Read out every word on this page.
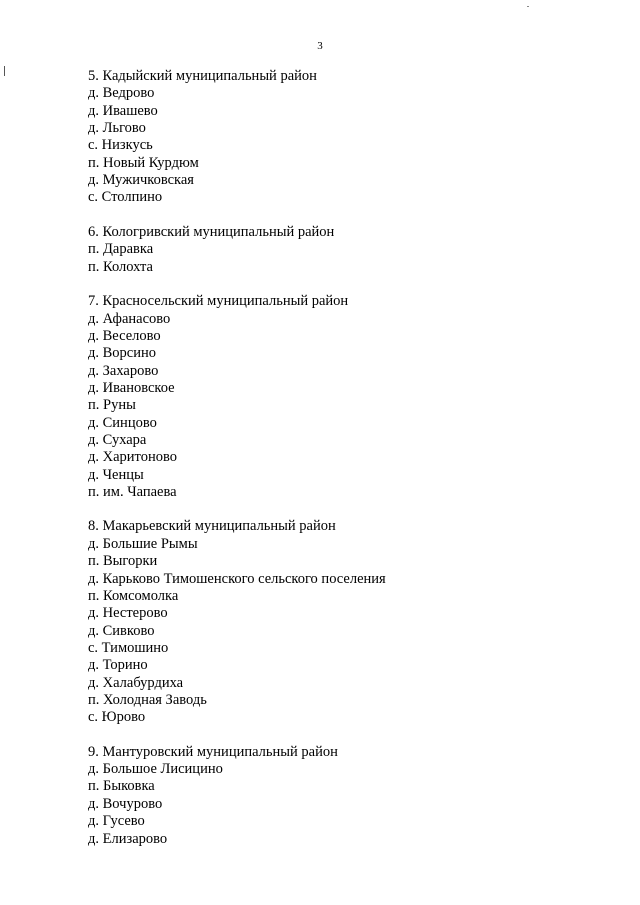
3
5. Кадыйский муниципальный район
д. Ведрово
д. Ивашево
д. Льгово
с. Низкусь
п. Новый Курдюм
д. Мужичковская
с. Столпино
6. Кологривский муниципальный район
п. Даравка
п. Колохта
7. Красносельский муниципальный район
д. Афанасово
д. Веселово
д. Ворсино
д. Захарово
д. Ивановское
п. Руны
д. Синцово
д. Сухара
д. Харитоново
д. Ченцы
п. им. Чапаева
8. Макарьевский муниципальный район
д. Большие Рымы
п. Выгорки
д. Карьково Тимошенского сельского поселения
п. Комсомолка
д. Нестерово
д. Сивково
с. Тимошино
д. Торино
д. Халабурдиха
п. Холодная Заводь
с. Юрово
9. Мантуровский муниципальный район
д. Большое Лисицино
п. Быковка
д. Вочурово
д. Гусево
д. Елизарово
